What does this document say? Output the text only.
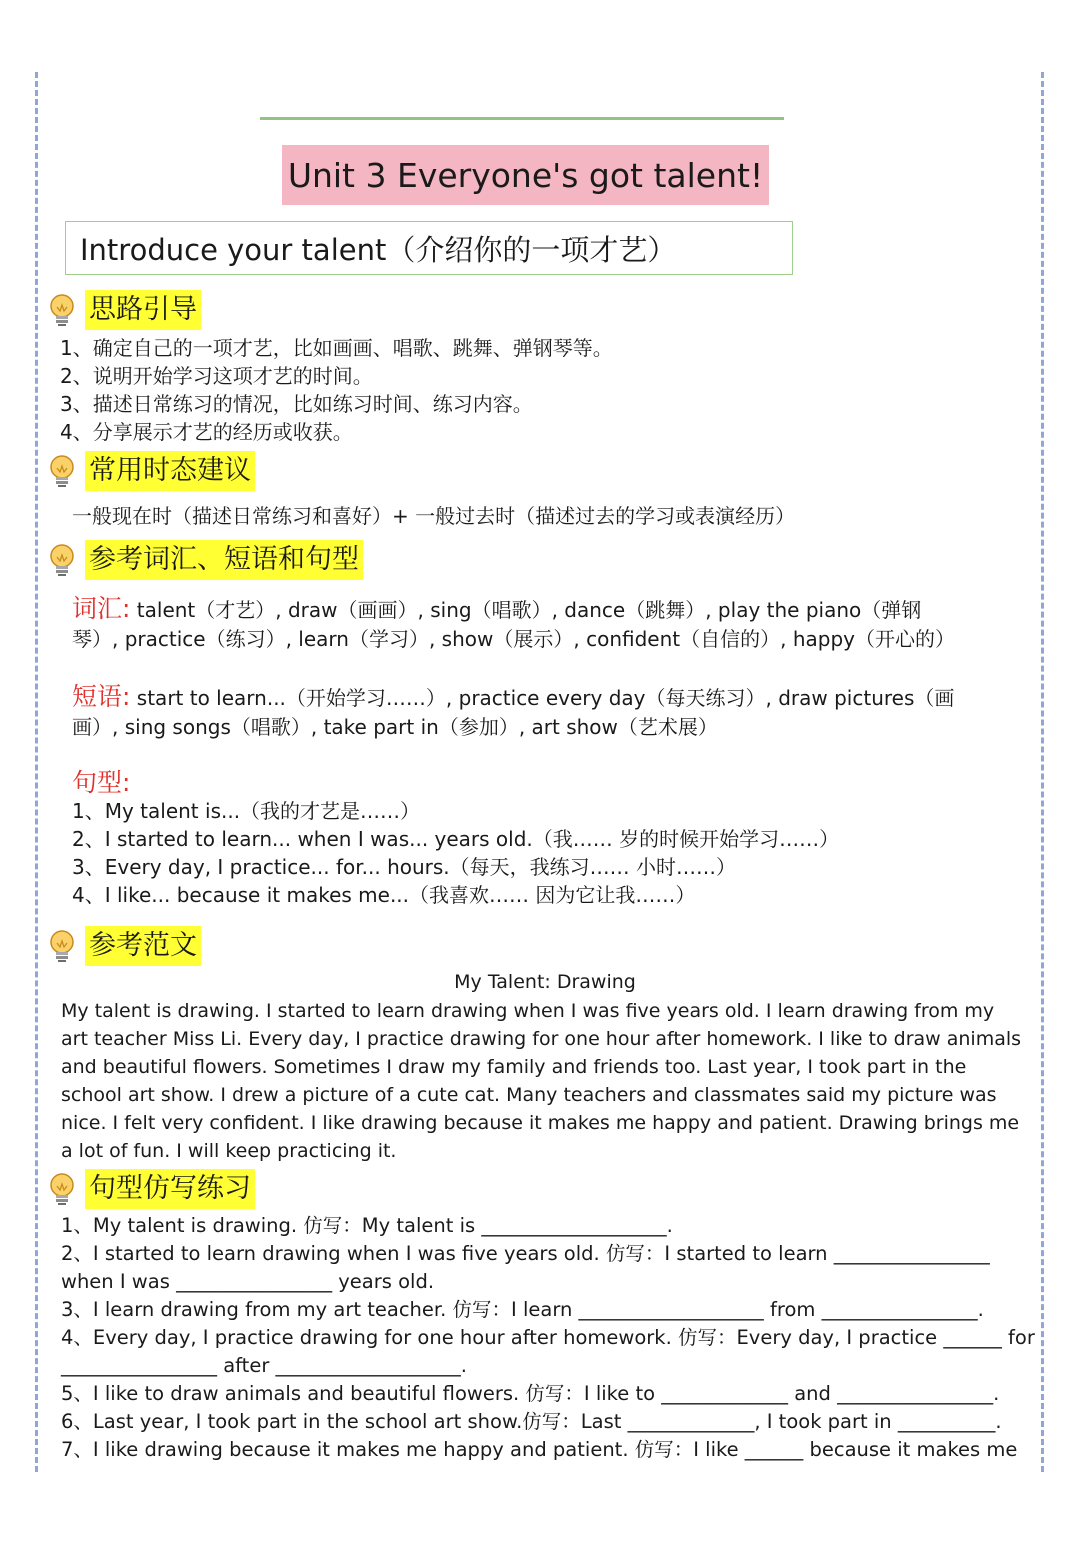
Unit 3 Everyone's got talent!
Introduce your talent（介绍你的一项才艺）
思路引导
1、确定自己的一项才艺，比如画画、唱歌、跳舞、弹钢琴等。
2、说明开始学习这项才艺的时间。
3、描述日常练习的情况，比如练习时间、练习内容。
4、分享展示才艺的经历或收获。
常用时态建议
一般现在时（描述日常练习和喜好）+ 一般过去时（描述过去的学习或表演经历）
参考词汇、短语和句型
词汇: talent（才艺）, draw（画画）, sing（唱歌）, dance（跳舞）, play the piano（弹钢
琴）, practice（练习）, learn（学习）, show（展示）, confident（自信的）, happy（开心的）
短语: start to learn...（开始学习……）, practice every day（每天练习）, draw pictures（画
画）, sing songs（唱歌）, take part in（参加）, art show（艺术展）
句型:
1、My talent is...（我的才艺是……）
2、I started to learn... when I was... years old.（我…… 岁的时候开始学习……）
3、Every day, I practice... for... hours.（每天，我练习…… 小时……）
4、I like... because it makes me...（我喜欢…… 因为它让我……）
参考范文
My Talent: Drawing
My talent is drawing. I started to learn drawing when I was five years old. I learn drawing from my art teacher Miss Li. Every day, I practice drawing for one hour after homework. I like to draw animals and beautiful flowers. Sometimes I draw my family and friends too. Last year, I took part in the school art show. I drew a picture of a cute cat. Many teachers and classmates said my picture was nice. I felt very confident. I like drawing because it makes me happy and patient. Drawing brings me a lot of fun. I will keep practicing it.
句型仿写练习
1、My talent is drawing. 仿写：My talent is ___________________.
2、I started to learn drawing when I was five years old. 仿写：I started to learn ________________
when I was ________________ years old.
3、I learn drawing from my art teacher. 仿写：I learn ___________________ from ________________.
4、Every day, I practice drawing for one hour after homework. 仿写：Every day, I practice ______ for
________________ after ___________________.
5、I like to draw animals and beautiful flowers. 仿写：I like to _____________ and ________________.
6、Last year, I took part in the school art show.仿写：Last _____________, I took part in __________.
7、I like drawing because it makes me happy and patient. 仿写：I like ______ because it makes me
